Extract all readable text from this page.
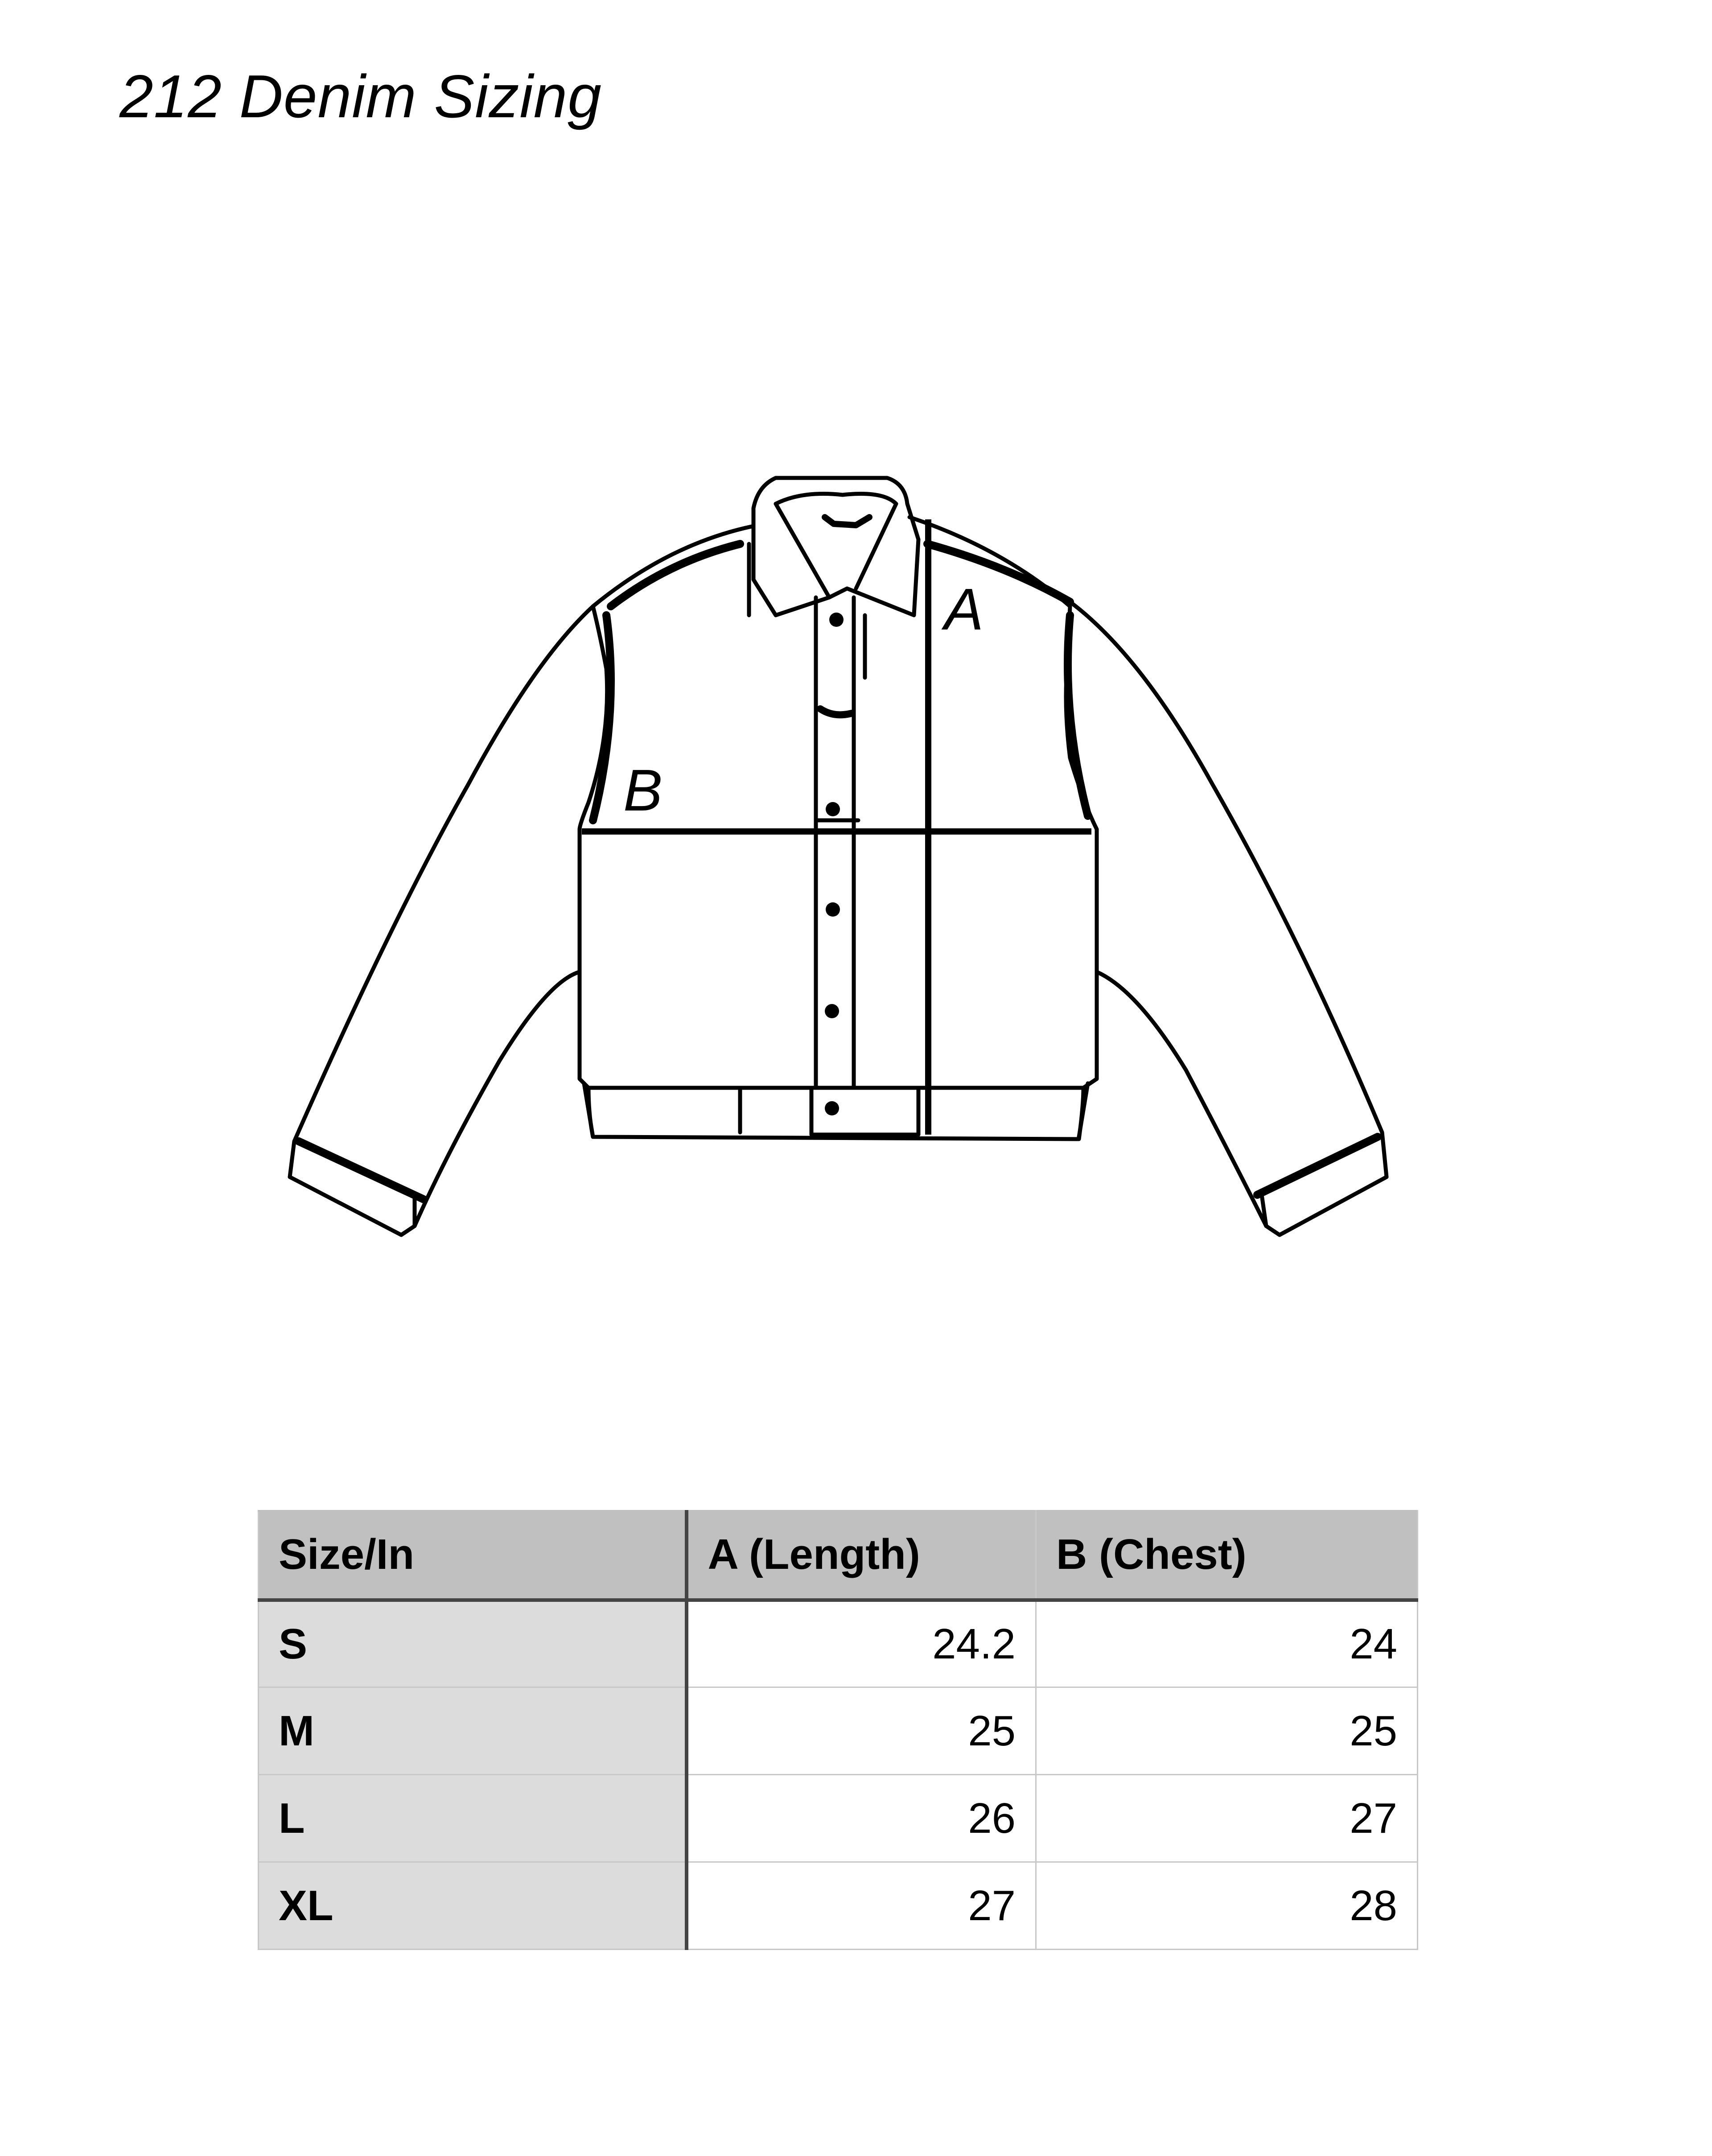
212 Denim Sizing
A
B
Size/In	A (Length)	B (Chest)
S	24.2	24
M	25	25
L	26	27
XL	27	28
